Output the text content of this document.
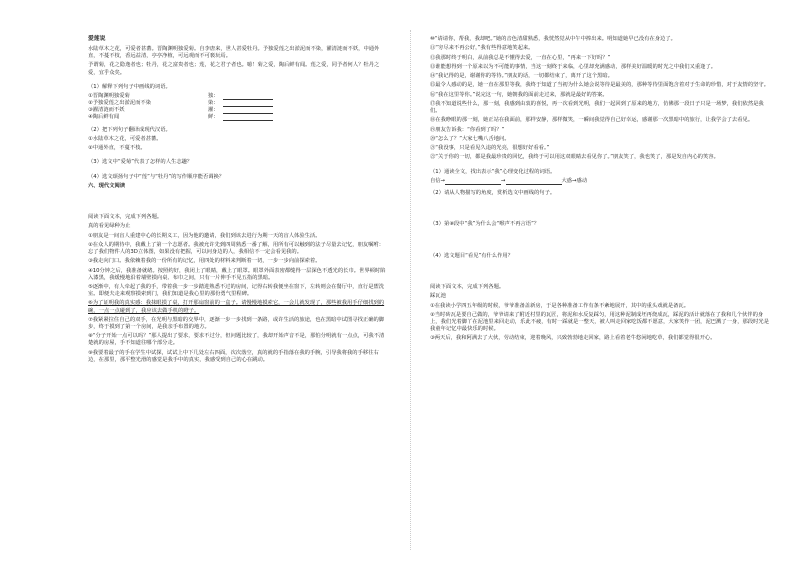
爱莲说

水陆草木之花，可爱者甚蕃。晋陶渊明独爱菊。自李唐来，世人甚爱牡丹。予独爱莲之出淤泥而不染，濯清涟而不妖，中通外直，不蔓不枝，香远益清，亭亭净植，可远观而不可亵玩焉。

予谓菊，花之隐逸者也；牡丹，花之富贵者也；莲，花之君子者也。噫！菊之爱，陶后鲜有闻。莲之爱，同予者何人？牡丹之爱，宜乎众矣。

（1）解释下列句子中画线的词语。

①晋陶渊明独爱菊	独：
②予独爱莲之出淤泥而不染	染：
③濯清涟而不妖	濯：
④陶后鲜有闻	鲜：

（2）把下列句子翻译成现代汉语。

①水陆草木之花，可爱者甚蕃。

②中通外直，不蔓不枝。

（3）选文中“爱菊”代表了怎样的人生志趣？

（4）选文颂扬句子中“莲”与“牡丹”的写作顺序能否调换？

六、现代文阅读

阅读下面文本，完成下列各题。

真的看见绿种为止

①朋友是一间盲人重建中心的长期义工，因为他的邀请，我们到该去进行为期一天的盲人体验生活。

②在众人的期待中，我戴上了第一个志愿者。我被允许先到四周熟悉一番了解，用所有可以触到的法子尽量去记忆，朋友嘱咐：忘了我们物件人的3D立体图，如果没有把握，可以问身边的人，我相信不一定会看见我的。

③我走向门口。我依赖着我的一份所有的记忆，用四处的材料来判断着一切，一步一步向前探索着。

④10分钟之后，我准备就绪。按照约好，我闭上了眼睛，戴上了眼罩。眼罩外面表密都缝得一层深色不透光的长巾。世界顿时陷入漆黑，我缓慢地沿着墙壁摸向桌、布巾之间，只有一片伸手不见五指的黑暗。

⑤逐渐中，有人牵起了我的手，带着我一步一步踏进熟悉不过的房间，记得右转我便坐在窗下，左转则会在餐厅中，直行是盥洗室。即便夫走来观察摸索到门，我们知道是我心里的那份勇气里程碑。

⑥为了证明我的真实感：我抹眼摸了桌，打开那扇窗前的一盒子。请慢慢地摸索它，一会儿就发现了，那些被我用手仔细找到的碗，一点一点碰到了，我应该去做手机的瞪子。

⑦我紧紧拉住自己的双手，在光明与黑暗的交界中，逐渐一步一步找到一条路，或许生活的旅途，也在黑暗中试图寻找正确的脚步，终于摸到了第一个房间，是我亲手布置的地方。

⑧“分子开始一点可以吗？”那人提出了要求，要求不过分，但问题比较了，我却开始声音不是，那怕分明就有一点点，可我不清楚就的房屋，手不知道往哪个部分走。

⑨我要着最子的手在学生中试探，试试上中下几处左右四面，次次落空，真的就的手指落在我的手腕，引导我将我的手移往右边，在那里，那平整光滑的感觉是我手中的真实，我感受到自己的心在跳动。

⑩“请请你，帮我，我却吧。”她的音色清甜熟悉，我恍然觉从中午中捧出来。明知道她早已没有在身边了。

⑪“穷尽来不再公好，”我有些得意地笑起来。

⑫我那时终于明白，从前我总是不懂得去爱，一直在心里，“再来一下好吗？”

⑬谁能想得到一个原来以为不可能的事情，当这一刻终于来临，心里却充满感动，那样美好温暖的时光之中我们又重逢了。

⑭“我记得的是，谢谢你的等待。”朋友的话，一切都结束了，离开了这个黑暗。

⑮最令人感动的是，她一直在那里等我，我终于知道了当初为什么她会说等待是最美的，那种等待里面饱含着对于生命的珍惜，对于友情的坚守。

⑯“我在这里等你。”说完这一句，她朝我的面前走过来，那就是最好的答案。

⑰我不知道说些什么，那一刻，我感到由衷的喜悦，再一次看到光明，我们一起回到了原来的地方，仿佛那一段日子只是一场梦，我们依然是我们。

⑱在我睁眼的那一刻，她正站在我面前，那样安静，那样微笑，一瞬间我觉得自己好幸运，感谢那一次黑暗中的旅行，让我学会了去看见。

⑲朋友告诉我：“你看到了吗？”

⑳“怎么了？”大家七嘴八舌地问。

㉑“我没事，只是看见久违的光亮，很想好好看看。”

㉒“关于你的一切，都是我最珍贵的回忆，我终于可以用这双眼睛去看见你了。”朋友笑了，我也笑了，那是发自内心的笑容。

（1）通读全文，找出表示“我”心理变化过程的词语。

自信→	→	大惑→感动

（2）请从人物描写的角度，赏析选文中画线的句子。

（3）第⑧段中“我”为什么会“喉声不再言语”？

（4）选文题目“看见”有什么作用？

阅读下面文本，完成下列各题。

踩瓦池

①在我读小学四五年级的时候，爷爷准备盖新房，于是各种准备工作有条不紊地展开，其中的重头戏就是备瓦。

②当时砖瓦是要自己做的，爷爷请来了附近村里的瓦匠，将泥和水反复踩匀，用这种泥制成坯再烧成瓦，踩泥的活计就落在了我和几个伙伴的身上，我们光着脚丫在泥池里来回走动，乐此不疲，有时一踩就是一整天，被人叫走回家吃饭都不愿意，大家笑作一团，泥巴溅了一身，那段时光是我童年记忆中最快乐的时候。

③两天后，我和阿满去了大伙，劳动结束，迎着晚风，兴致勃勃地走回家，路上看着老牛悠闲地吃草，我们都觉得很开心。
